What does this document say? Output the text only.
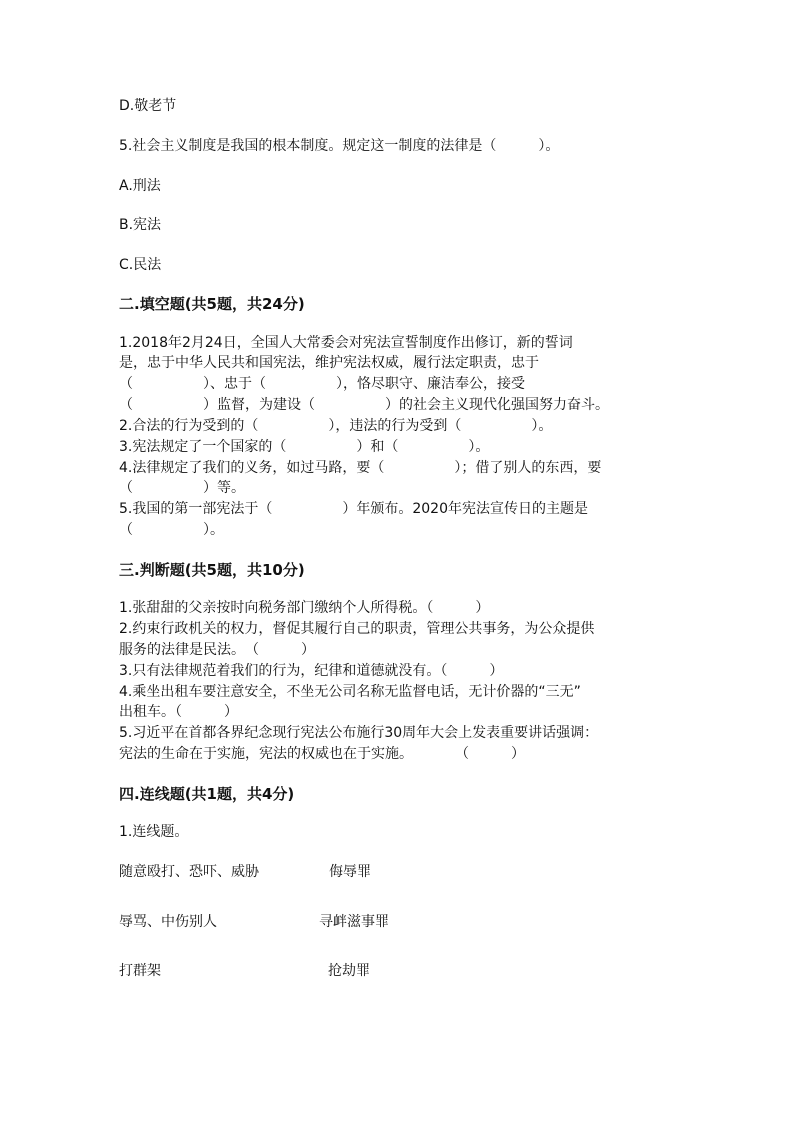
D.敬老节
5.社会主义制度是我国的根本制度。规定这一制度的法律是（　　　）。
A.刑法
B.宪法
C.民法
二.填空题(共5题，共24分)
1.2018年2月24日，全国人大常委会对宪法宣誓制度作出修订，新的誓词
是，忠于中华人民共和国宪法，维护宪法权威，履行法定职责，忠于
（　　　　　）、忠于（　　　　　），恪尽职守、廉洁奉公，接受
（　　　　　）监督，为建设（　　　　　）的社会主义现代化强国努力奋斗。
2.合法的行为受到的（　　　　　），违法的行为受到（　　　　　）。
3.宪法规定了一个国家的（　　　　　）和（　　　　　）。
4.法律规定了我们的义务，如过马路，要（　　　　　）；借了别人的东西，要
（　　　　　）等。
5.我国的第一部宪法于（　　　　　）年颁布。2020年宪法宣传日的主题是
（　　　　　）。
三.判断题(共5题，共10分)
1.张甜甜的父亲按时向税务部门缴纳个人所得税。（　　　）
2.约束行政机关的权力，督促其履行自己的职责，管理公共事务，为公众提供
服务的法律是民法。　（　　　）
3.只有法律规范着我们的行为，纪律和道德就没有。（　　　）
4.乘坐出租车要注意安全，不坐无公司名称无监督电话，无计价器的“三无”
出租车。（　　　）
5.习近平在首都各界纪念现行宪法公布施行30周年大会上发表重要讲话强调：
宪法的生命在于实施，宪法的权威也在于实施。　　　　（　　　）
四.连线题(共1题，共4分)
1.连线题。
随意殴打、恐吓、威胁	侮辱罪
辱骂、中伤别人	寻衅滋事罪
打群架	抢劫罪
